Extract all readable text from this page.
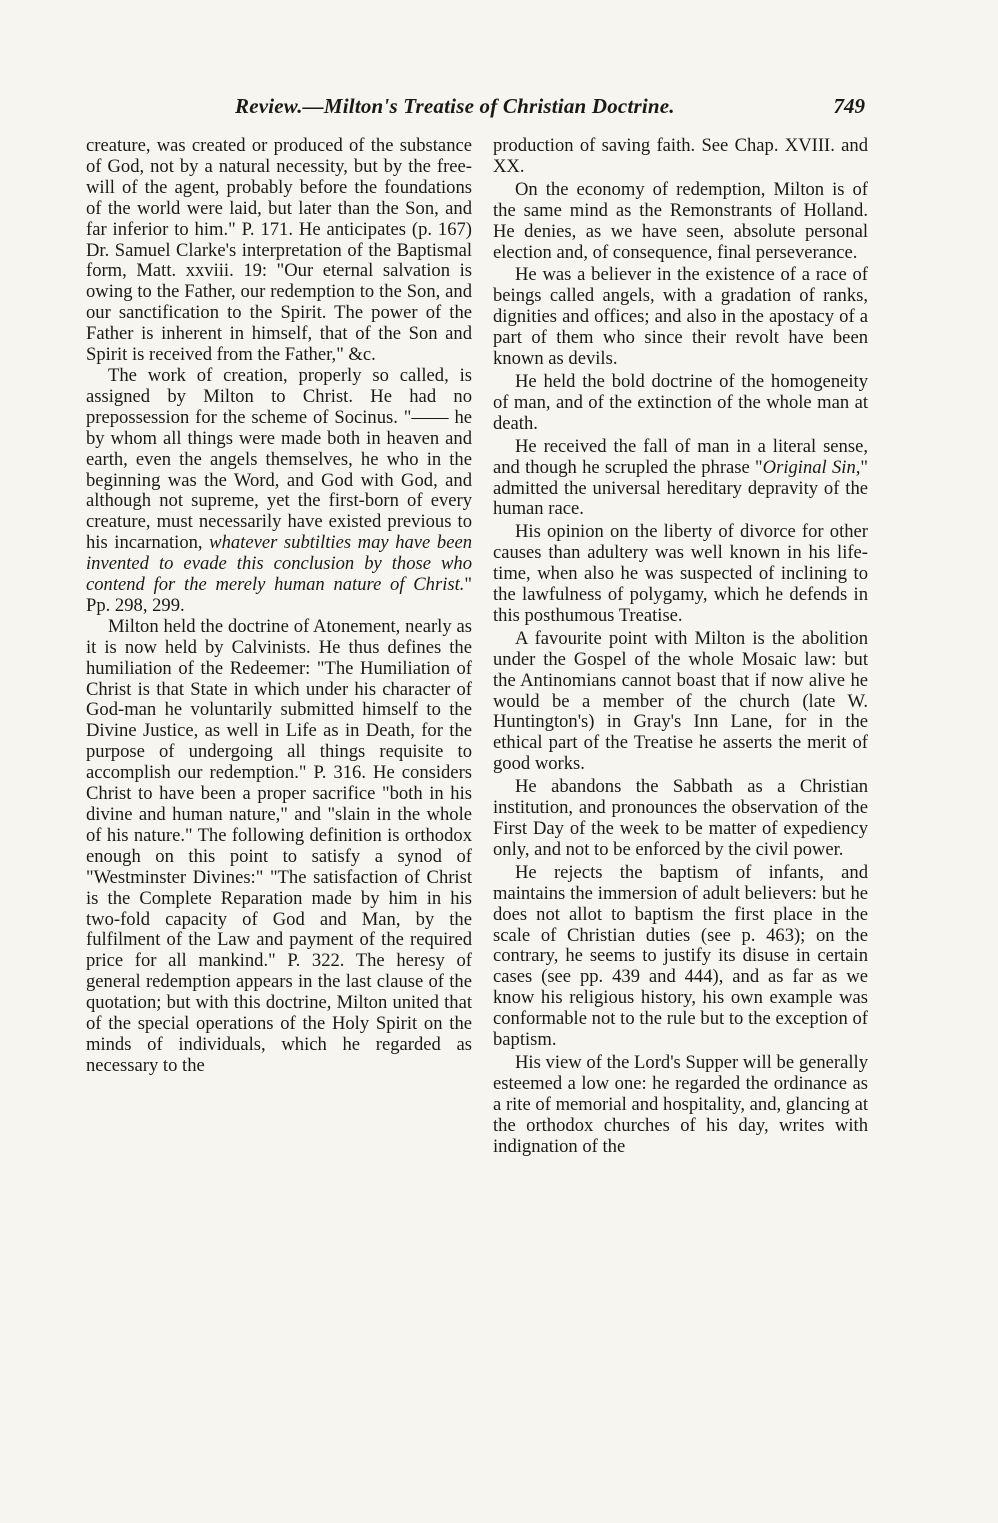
Review.—Milton's Treatise of Christian Doctrine.	749

creature, was created or produced of the substance of God, not by a natural necessity, but by the free-will of the agent, probably before the foundations of the world were laid, but later than the Son, and far inferior to him." P. 171. He anticipates (p. 167) Dr. Samuel Clarke's interpretation of the Baptismal form, Matt. xxviii. 19: "Our eternal salvation is owing to the Father, our redemption to the Son, and our sanctification to the Spirit. The power of the Father is inherent in himself, that of the Son and Spirit is received from the Father," &c.

The work of creation, properly so called, is assigned by Milton to Christ. He had no prepossession for the scheme of Socinus. "—— he by whom all things were made both in heaven and earth, even the angels themselves, he who in the beginning was the Word, and God with God, and although not supreme, yet the first-born of every creature, must necessarily have existed previous to his incarnation, whatever subtilties may have been invented to evade this conclusion by those who contend for the merely human nature of Christ." Pp. 298, 299.

Milton held the doctrine of Atonement, nearly as it is now held by Calvinists. He thus defines the humiliation of the Redeemer: "The Humiliation of Christ is that State in which under his character of God-man he voluntarily submitted himself to the Divine Justice, as well in Life as in Death, for the purpose of undergoing all things requisite to accomplish our redemption." P. 316. He considers Christ to have been a proper sacrifice "both in his divine and human nature," and "slain in the whole of his nature." The following definition is orthodox enough on this point to satisfy a synod of "Westminster Divines:" "The satisfaction of Christ is the Complete Reparation made by him in his two-fold capacity of God and Man, by the fulfilment of the Law and payment of the required price for all mankind." P. 322. The heresy of general redemption appears in the last clause of the quotation; but with this doctrine, Milton united that of the special operations of the Holy Spirit on the minds of individuals, which he regarded as necessary to the

production of saving faith. See Chap. XVIII. and XX.

On the economy of redemption, Milton is of the same mind as the Remonstrants of Holland. He denies, as we have seen, absolute personal election and, of consequence, final perseverance.

He was a believer in the existence of a race of beings called angels, with a gradation of ranks, dignities and offices; and also in the apostacy of a part of them who since their revolt have been known as devils.

He held the bold doctrine of the homogeneity of man, and of the extinction of the whole man at death.

He received the fall of man in a literal sense, and though he scrupled the phrase "Original Sin," admitted the universal hereditary depravity of the human race.

His opinion on the liberty of divorce for other causes than adultery was well known in his life-time, when also he was suspected of inclining to the lawfulness of polygamy, which he defends in this posthumous Treatise.

A favourite point with Milton is the abolition under the Gospel of the whole Mosaic law: but the Antinomians cannot boast that if now alive he would be a member of the church (late W. Huntington's) in Gray's Inn Lane, for in the ethical part of the Treatise he asserts the merit of good works.

He abandons the Sabbath as a Christian institution, and pronounces the observation of the First Day of the week to be matter of expediency only, and not to be enforced by the civil power.

He rejects the baptism of infants, and maintains the immersion of adult believers: but he does not allot to baptism the first place in the scale of Christian duties (see p. 463); on the contrary, he seems to justify its disuse in certain cases (see pp. 439 and 444), and as far as we know his religious history, his own example was conformable not to the rule but to the exception of baptism.

His view of the Lord's Supper will be generally esteemed a low one: he regarded the ordinance as a rite of memorial and hospitality, and, glancing at the orthodox churches of his day, writes with indignation of the
